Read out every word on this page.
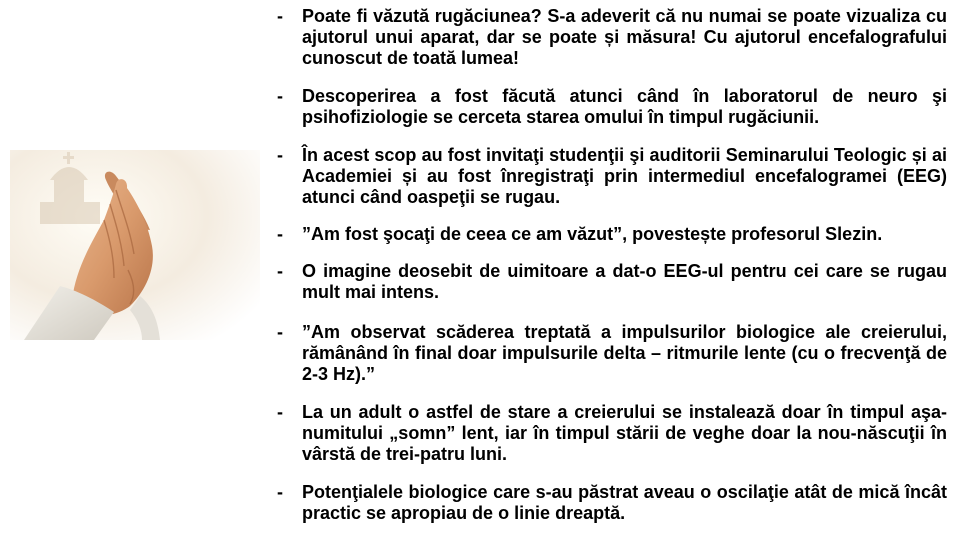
- Poate fi văzută rugăciunea? S-a adeverit că nu numai se poate vizualiza cu ajutorul unui aparat, dar se poate și măsura! Cu ajutorul encefalografului cunoscut de toată lumea!
- Descoperirea a fost făcută atunci când în laboratorul de neuro şi psihofiziologie se cerceta starea omului în timpul rugăciunii.
- În acest scop au fost invitaţi studenţii şi auditorii Seminarului Teologic și ai Academiei și au fost înregistraţi prin intermediul encefalogramei (EEG) atunci când oaspeţii se rugau.
- ”Am fost şocaţi de ceea ce am văzut”, povestește profesorul Slezin.
- O imagine deosebit de uimitoare a dat-o EEG-ul pentru cei care se rugau mult mai intens.
- ”Am observat scăderea treptată a impulsurilor biologice ale creierului, rămânând în final doar impulsurile delta – ritmurile lente (cu o frecvenţă de 2-3 Hz).”
- La un adult o astfel de stare a creierului se instalează doar în timpul aşa-numitului „somn” lent, iar în timpul stării de veghe doar la nou-născuţii în vârstă de trei-patru luni.
- Potenţialele biologice care s-au păstrat aveau o oscilaţie atât de mică încât practic se apropiau de o linie dreaptă.
